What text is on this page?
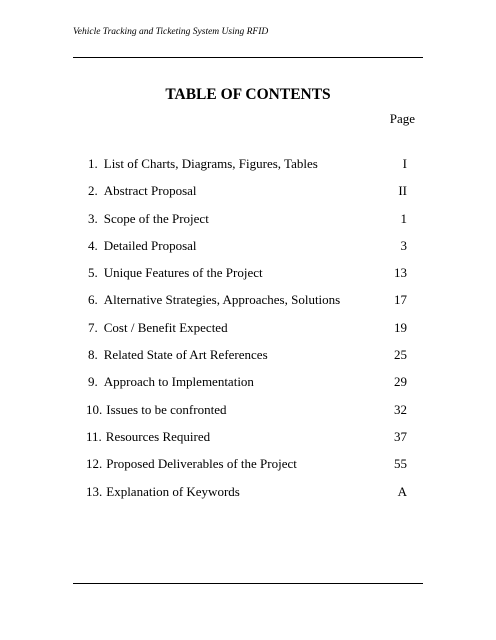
Vehicle Tracking and Ticketing System Using RFID
TABLE OF CONTENTS
Page
1. List of Charts, Diagrams, Figures, Tables	I
2. Abstract Proposal	II
3. Scope of the Project	1
4. Detailed Proposal	3
5. Unique Features of the Project	13
6. Alternative Strategies, Approaches, Solutions	17
7. Cost / Benefit Expected	19
8. Related State of Art References	25
9. Approach to Implementation	29
10. Issues to be confronted	32
11. Resources Required	37
12. Proposed Deliverables of the Project	55
13. Explanation of Keywords	A
